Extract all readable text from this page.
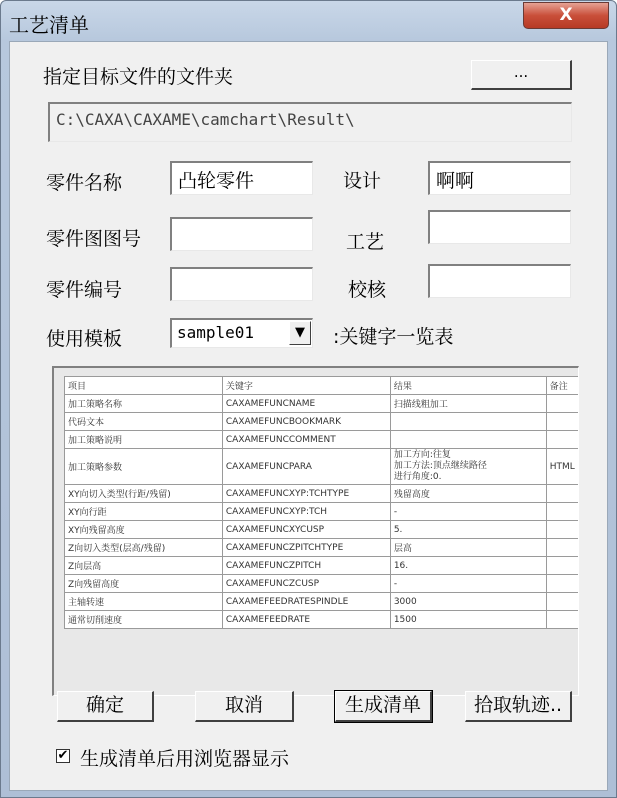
工艺清单	X
指定目标文件的文件夹	...
C:\CAXA\CAXAME\camchart\Result\
零件名称	凸轮零件	设计	啊啊
零件图图号	工艺
零件编号	校核
使用模板	sample01	▼	:关键字一览表
项目	关键字	结果	备注
加工策略名称	CAXAMEFUNCNAME	扫描线粗加工	
代码文本	CAXAMEFUNCBOOKMARK		
加工策略说明	CAXAMEFUNCCOMMENT		
加工策略参数	CAXAMEFUNCPARA	加工方向:往复
加工方法:顶点继续路径
进行角度:0.	HTML
XY向切入类型(行距/残留)	CAXAMEFUNCXYP:TCHTYPE	残留高度	
XY向行距	CAXAMEFUNCXYP:TCH	-	
XY向残留高度	CAXAMEFUNCXYCUSP	5.	
Z向切入类型(层高/残留)	CAXAMEFUNCZPITCHTYPE	层高	
Z向层高	CAXAMEFUNCZPITCH	16.	
Z向残留高度	CAXAMEFUNCZCUSP	-	
主轴转速	CAXAMEFEEDRATESPINDLE	3000	
通常切削速度	CAXAMEFEEDRATE	1500	
确定	取消	生成清单	拾取轨迹..
✔ 生成清单后用浏览器显示
